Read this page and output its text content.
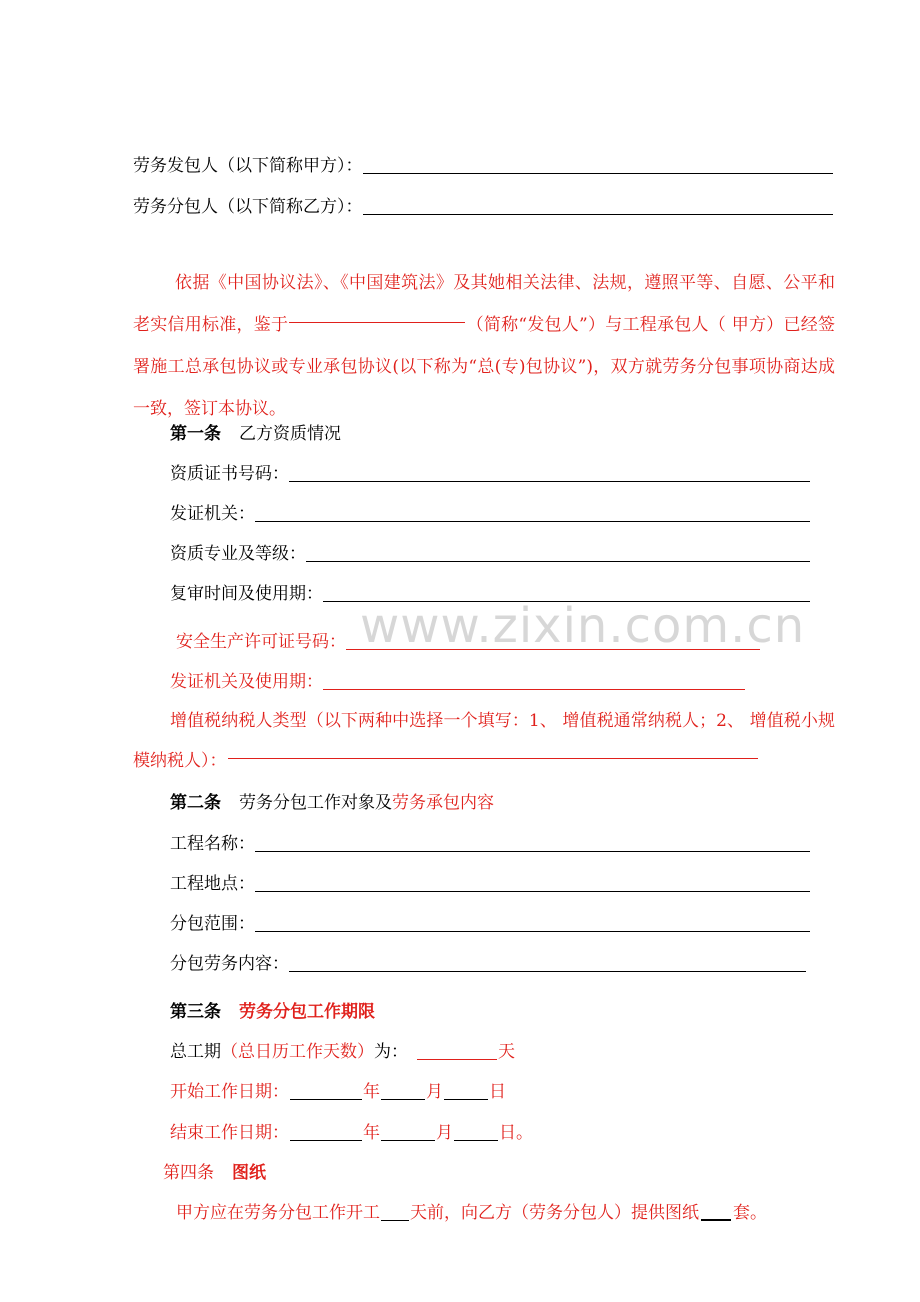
劳务发包人（以下简称甲方）：
劳务分包人（以下简称乙方）：
依据《中国协议法》、《中国建筑法》及其她相关法律、法规，遵照平等、自愿、公平和老实信用标准，鉴于	（简称“发包人”）与工程承包人（ 甲方）已经签署施工总承包协议或专业承包协议(以下称为“总(专)包协议”)，双方就劳务分包事项协商达成一致，签订本协议。
第一条 乙方资质情况
资质证书号码：
发证机关：
资质专业及等级：
复审时间及使用期：
安全生产许可证号码：
发证机关及使用期：
增值税纳税人类型（以下两种中选择一个填写：1、 增值税通常纳税人；2、 增值税小规模纳税人）：
第二条 劳务分包工作对象及 劳务承包内容
工程名称：
工程地点：
分包范围：
分包劳务内容：
第三条 劳务分包工作期限
总工期 （总日历工作天数） 为：	天
开始工作日期：	年	月	日
结束工作日期：	年	月	日。
第四条 图纸
甲方应在劳务分包工作开工 天前，向乙方（劳务分包人）提供图纸 套。
www.zixin.com.cn
